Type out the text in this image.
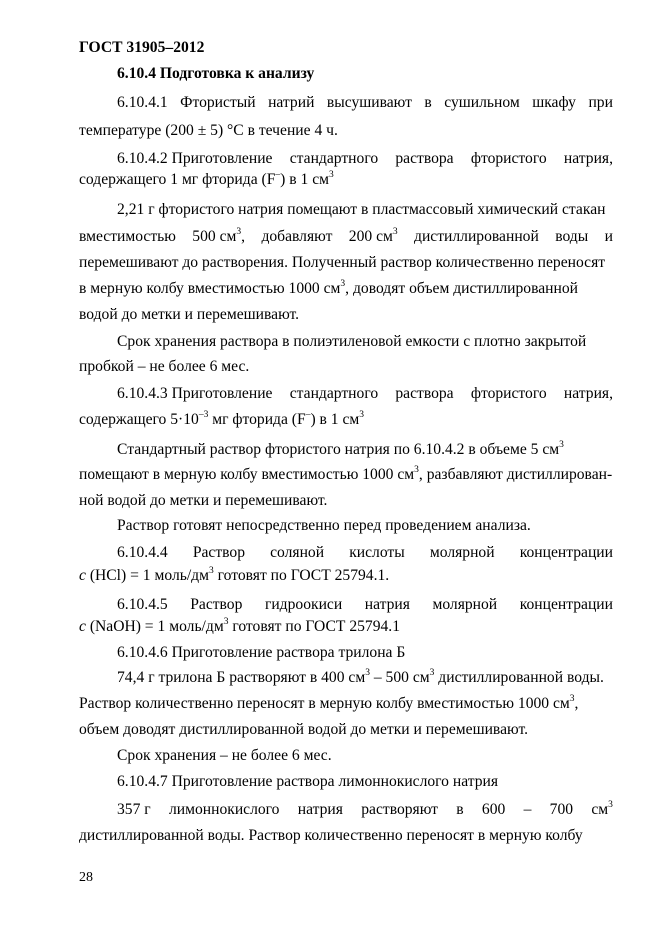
ГОСТ 31905–2012
6.10.4 Подготовка к анализу
6.10.4.1 Фтористый натрий высушивают в сушильном шкафу при
температуре (200 ± 5) °С в течение 4 ч.
6.10.4.2 Приготовление стандартного раствора фтористого натрия,
содержащего 1 мг фторида (F–) в 1 $см^3$
2,21 г фтористого натрия помещают в пластмассовый химический стакан
вместимостью 500 $см^3$, добавляют 200 $см^3$ дистиллированной воды и
перемешивают до растворения. Полученный раствор количественно переносят
в мерную колбу вместимостью 1000 $см^3$, доводят объем дистиллированной
водой до метки и перемешивают.
Срок хранения раствора в полиэтиленовой емкости с плотно закрытой
пробкой – не более 6 мес.
6.10.4.3 Приготовление стандартного раствора фтористого натрия,
содержащего $5\cdot 10^{-3}$ мг фторида (F–) в 1 $см^3$
Стандартный раствор фтористого натрия по 6.10.4.2 в объеме 5 $см^3$
помещают в мерную колбу вместимостью 1000 $см^3$, разбавляют дистиллирован-
ной водой до метки и перемешивают.
Раствор готовят непосредственно перед проведением анализа.
6.10.4.4 Раствор соляной кислоты молярной концентрации
с (HCl) = 1 моль/$дм^3$ готовят по ГОСТ 25794.1.
6.10.4.5 Раствор гидроокиси натрия молярной концентрации
с (NaOH) = 1 моль/$дм^3$ готовят по ГОСТ 25794.1
6.10.4.6 Приготовление раствора трилона Б
74,4 г трилона Б растворяют в 400 $см^3 - 500$ $см^3$ дистиллированной воды.
Раствор количественно переносят в мерную колбу вместимостью 1000 $см^3$,
объем доводят дистиллированной водой до метки и перемешивают.
Срок хранения – не более 6 мес.
6.10.4.7 Приготовление раствора лимоннокислого натрия
357 г лимоннокислого натрия растворяют в 600 – 700 $см^3$
дистиллированной воды. Раствор количественно переносят в мерную колбу
28
